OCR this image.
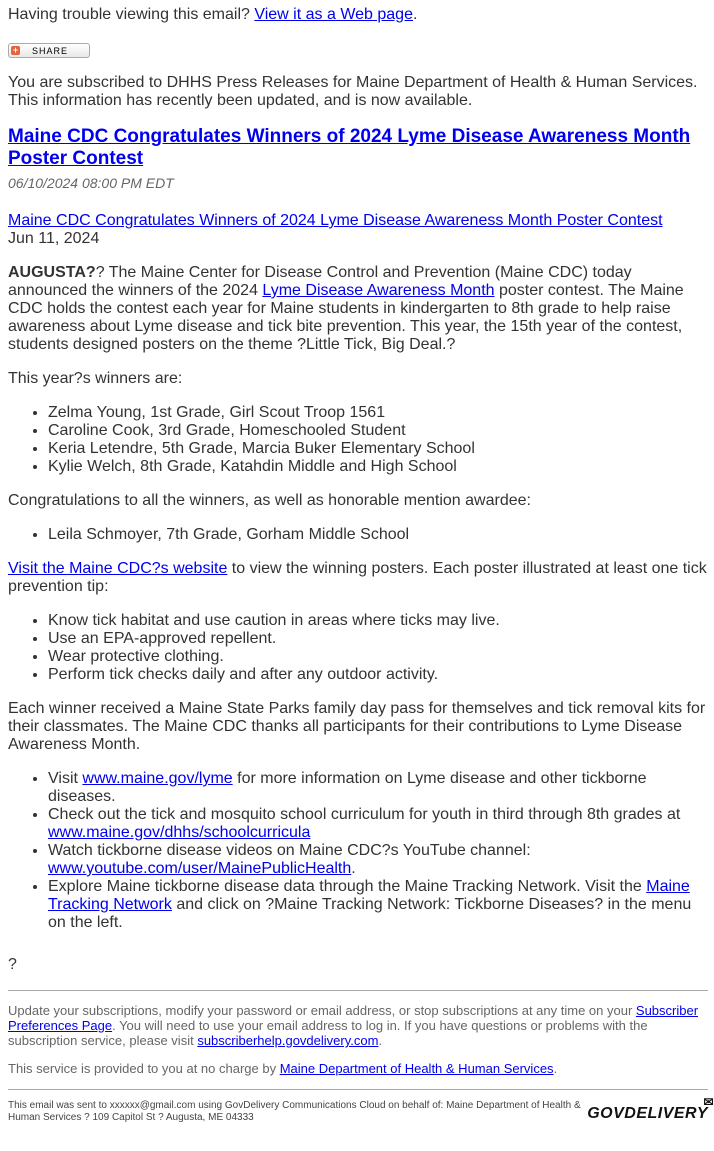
Having trouble viewing this email? View it as a Web page.
+ SHARE

You are subscribed to DHHS Press Releases for Maine Department of Health & Human Services. This information has recently been updated, and is now available.

Maine CDC Congratulates Winners of 2024 Lyme Disease Awareness Month Poster Contest
06/10/2024 08:00 PM EDT
Maine CDC Congratulates Winners of 2024 Lyme Disease Awareness Month Poster Contest
Jun 11, 2024

AUGUSTA?? The Maine Center for Disease Control and Prevention (Maine CDC) today announced the winners of the 2024 Lyme Disease Awareness Month poster contest. The Maine CDC holds the contest each year for Maine students in kindergarten to 8th grade to help raise awareness about Lyme disease and tick bite prevention. This year, the 15th year of the contest, students designed posters on the theme ?Little Tick, Big Deal.?

This year?s winners are:

• Zelma Young, 1st Grade, Girl Scout Troop 1561
• Caroline Cook, 3rd Grade, Homeschooled Student
• Keria Letendre, 5th Grade, Marcia Buker Elementary School
• Kylie Welch, 8th Grade, Katahdin Middle and High School

Congratulations to all the winners, as well as honorable mention awardee:

• Leila Schmoyer, 7th Grade, Gorham Middle School

Visit the Maine CDC?s website to view the winning posters. Each poster illustrated at least one tick prevention tip:

• Know tick habitat and use caution in areas where ticks may live.
• Use an EPA-approved repellent.
• Wear protective clothing.
• Perform tick checks daily and after any outdoor activity.

Each winner received a Maine State Parks family day pass for themselves and tick removal kits for their classmates. The Maine CDC thanks all participants for their contributions to Lyme Disease Awareness Month.

• Visit www.maine.gov/lyme for more information on Lyme disease and other tickborne diseases.
• Check out the tick and mosquito school curriculum for youth in third through 8th grades at www.maine.gov/dhhs/schoolcurricula
• Watch tickborne disease videos on Maine CDC?s YouTube channel: www.youtube.com/user/MainePublicHealth.
• Explore Maine tickborne disease data through the Maine Tracking Network. Visit the Maine Tracking Network and click on ?Maine Tracking Network: Tickborne Diseases? in the menu on the left.

?

Update your subscriptions, modify your password or email address, or stop subscriptions at any time on your Subscriber Preferences Page. You will need to use your email address to log in. If you have questions or problems with the subscription service, please visit subscriberhelp.govdelivery.com.

This service is provided to you at no charge by Maine Department of Health & Human Services.

This email was sent to xxxxxx@gmail.com using GovDelivery Communications Cloud on behalf of: Maine Department of Health & Human Services ? 109 Capitol St ? Augusta, ME 04333	GOVDELIVERY
✉
